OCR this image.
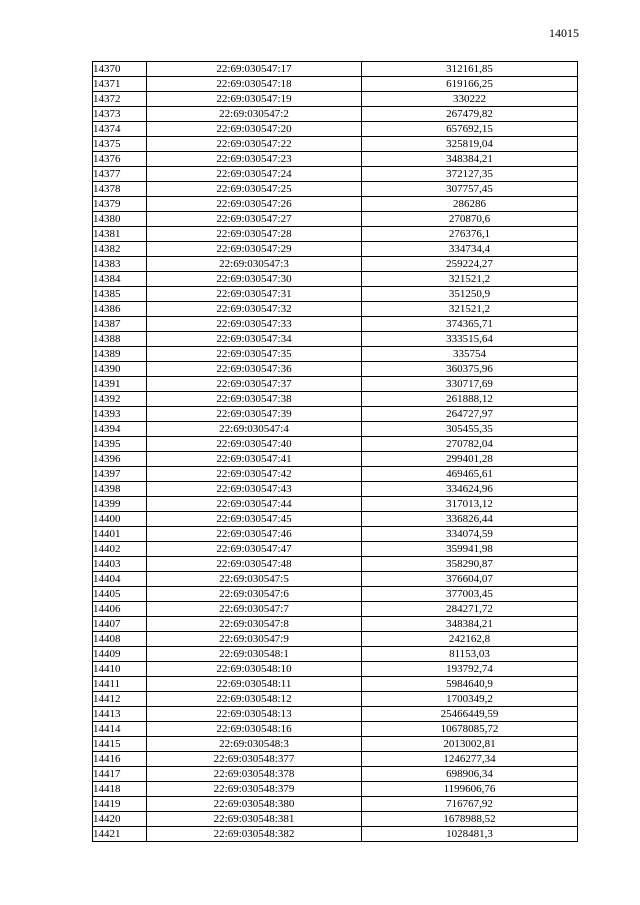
14015
14370	22:69:030547:17	312161,85
14371	22:69:030547:18	619166,25
14372	22:69:030547:19	330222
14373	22:69:030547:2	267479,82
14374	22:69:030547:20	657692,15
14375	22:69:030547:22	325819,04
14376	22:69:030547:23	348384,21
14377	22:69:030547:24	372127,35
14378	22:69:030547:25	307757,45
14379	22:69:030547:26	286286
14380	22:69:030547:27	270870,6
14381	22:69:030547:28	276376,1
14382	22:69:030547:29	334734,4
14383	22:69:030547:3	259224,27
14384	22:69:030547:30	321521,2
14385	22:69:030547:31	351250,9
14386	22:69:030547:32	321521,2
14387	22:69:030547:33	374365,71
14388	22:69:030547:34	333515,64
14389	22:69:030547:35	335754
14390	22:69:030547:36	360375,96
14391	22:69:030547:37	330717,69
14392	22:69:030547:38	261888,12
14393	22:69:030547:39	264727,97
14394	22:69:030547:4	305455,35
14395	22:69:030547:40	270782,04
14396	22:69:030547:41	299401,28
14397	22:69:030547:42	469465,61
14398	22:69:030547:43	334624,96
14399	22:69:030547:44	317013,12
14400	22:69:030547:45	336826,44
14401	22:69:030547:46	334074,59
14402	22:69:030547:47	359941,98
14403	22:69:030547:48	358290,87
14404	22:69:030547:5	376604,07
14405	22:69:030547:6	377003,45
14406	22:69:030547:7	284271,72
14407	22:69:030547:8	348384,21
14408	22:69:030547:9	242162,8
14409	22:69:030548:1	81153,03
14410	22:69:030548:10	193792,74
14411	22:69:030548:11	5984640,9
14412	22:69:030548:12	1700349,2
14413	22:69:030548:13	25466449,59
14414	22:69:030548:16	10678085,72
14415	22:69:030548:3	2013002,81
14416	22:69:030548:377	1246277,34
14417	22:69:030548:378	698906,34
14418	22:69:030548:379	1199606,76
14419	22:69:030548:380	716767,92
14420	22:69:030548:381	1678988,52
14421	22:69:030548:382	1028481,3
